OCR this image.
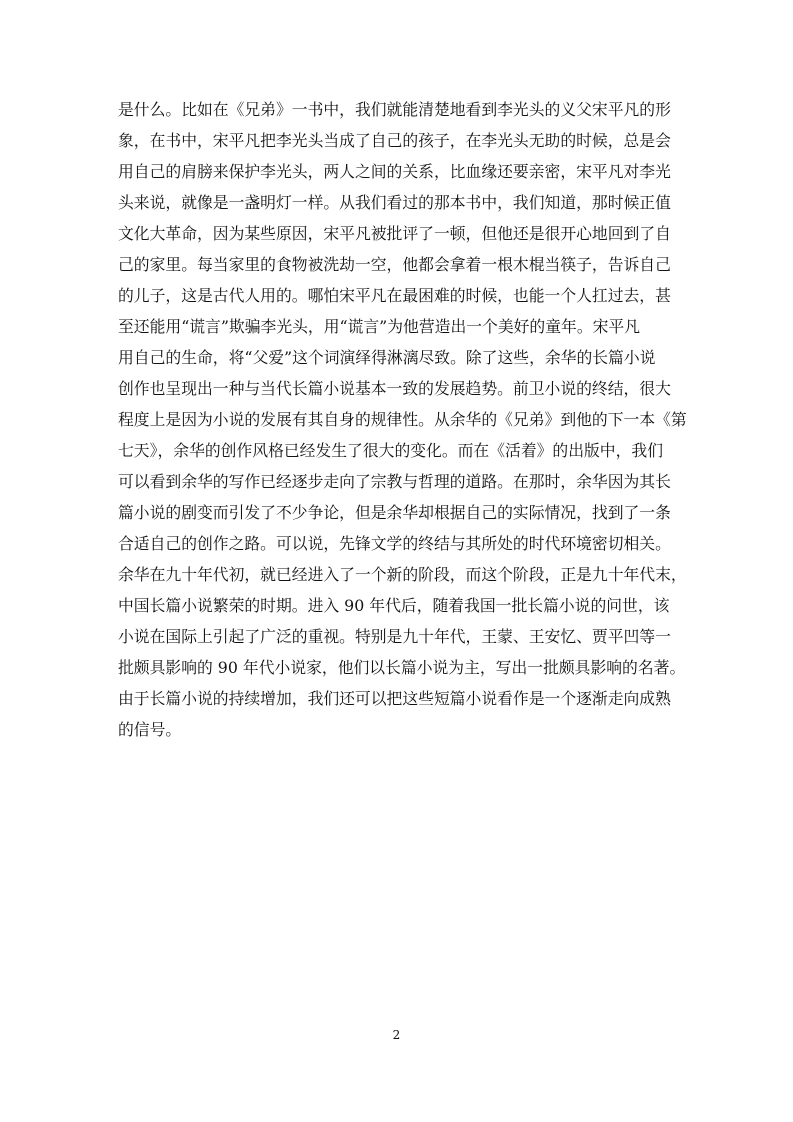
是什么。比如在《兄弟》一书中，我们就能清楚地看到李光头的义父宋平凡的形
象，在书中，宋平凡把李光头当成了自己的孩子，在李光头无助的时候，总是会
用自己的肩膀来保护李光头，两人之间的关系，比血缘还要亲密，宋平凡对李光
头来说，就像是一盏明灯一样。从我们看过的那本书中，我们知道，那时候正值
文化大革命，因为某些原因，宋平凡被批评了一顿，但他还是很开心地回到了自
己的家里。每当家里的食物被洗劫一空，他都会拿着一根木棍当筷子，告诉自己
的儿子，这是古代人用的。哪怕宋平凡在最困难的时候，也能一个人扛过去，甚
至还能用“谎言”欺骗李光头，用“谎言”为他营造出一个美好的童年。宋平凡
用自己的生命，将“父爱”这个词演绎得淋漓尽致。除了这些，余华的长篇小说
创作也呈现出一种与当代长篇小说基本一致的发展趋势。前卫小说的终结，很大
程度上是因为小说的发展有其自身的规律性。从余华的《兄弟》到他的下一本《第
七天》，余华的创作风格已经发生了很大的变化。而在《活着》的出版中，我们
可以看到余华的写作已经逐步走向了宗教与哲理的道路。在那时，余华因为其长
篇小说的剧变而引发了不少争论，但是余华却根据自己的实际情况，找到了一条
合适自己的创作之路。可以说，先锋文学的终结与其所处的时代环境密切相关。
余华在九十年代初，就已经进入了一个新的阶段，而这个阶段，正是九十年代末，
中国长篇小说繁荣的时期。进入 90 年代后，随着我国一批长篇小说的问世，该
小说在国际上引起了广泛的重视。特别是九十年代，王蒙、王安忆、贾平凹等一
批颇具影响的 90 年代小说家，他们以长篇小说为主，写出一批颇具影响的名著。
由于长篇小说的持续增加，我们还可以把这些短篇小说看作是一个逐渐走向成熟
的信号。
2
